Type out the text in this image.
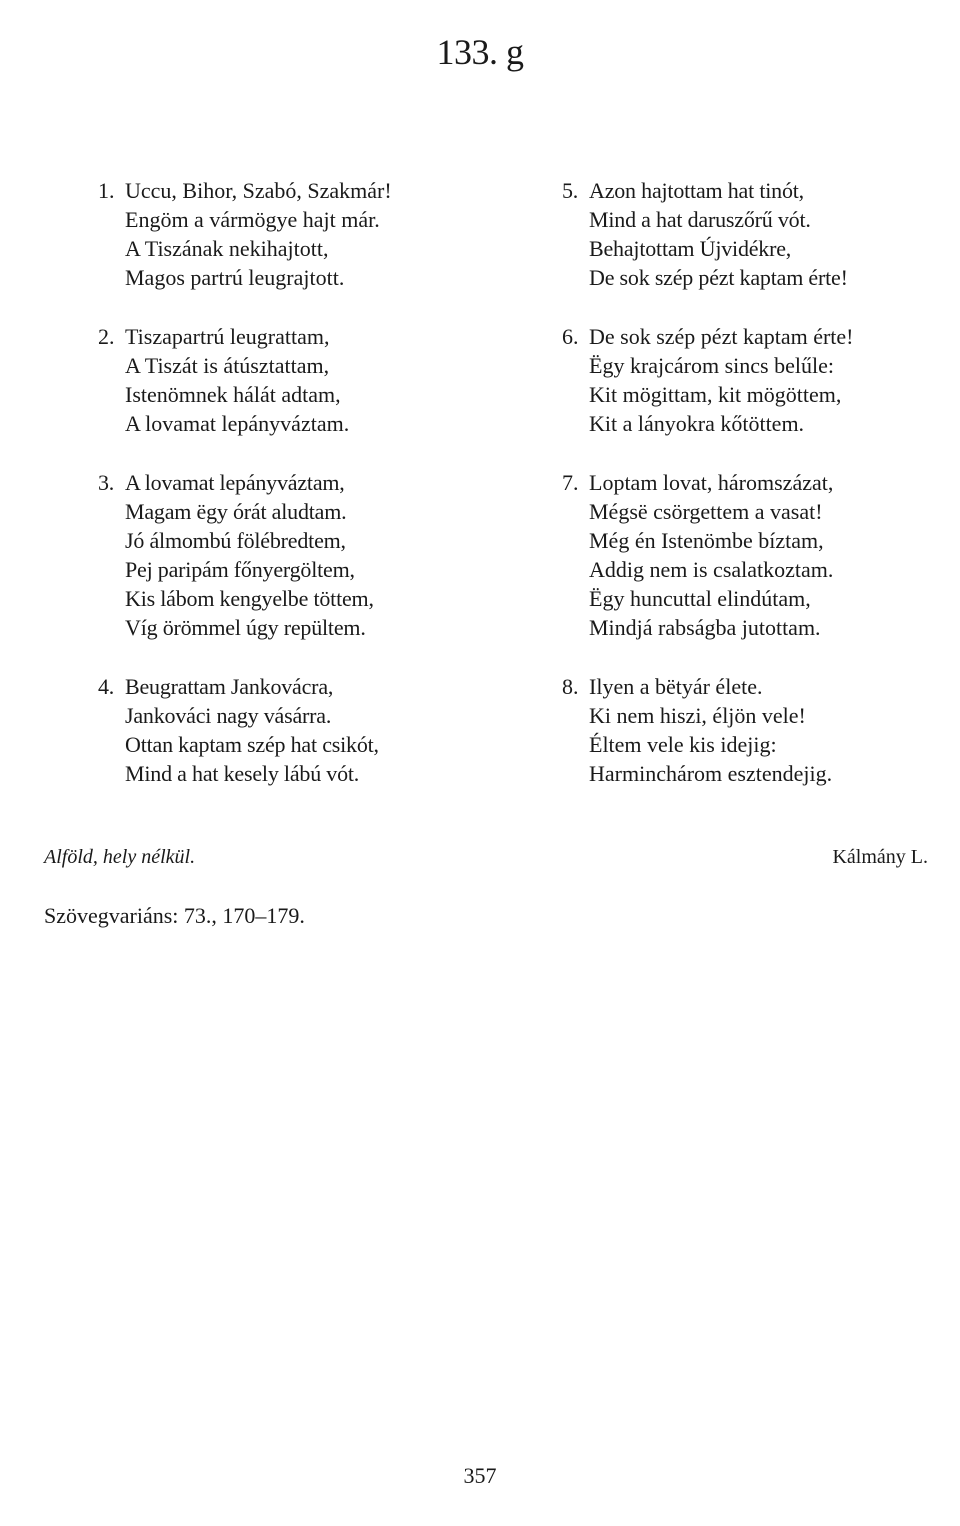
133. g
1. Uccu, Bihor, Szabó, Szakmár!
Engöm a vármögye hajt már.
A Tiszának nekihajtott,
Magos partrú leugrajtott.
2. Tiszapartrú leugrattam,
A Tiszát is átúsztattam,
Istenömnek hálát adtam,
A lovamat lepányváztam.
3. A lovamat lepányváztam,
Magam ëgy órát aludtam.
Jó álmombú fölébredtem,
Pej paripám főnyergöltem,
Kis lábom kengyelbe töttem,
Víg örömmel úgy repültem.
4. Beugrattam Jankovácra,
Jankováci nagy vásárra.
Ottan kaptam szép hat csikót,
Mind a hat kesely lábú vót.
5. Azon hajtottam hat tinót,
Mind a hat daruszőrű vót.
Behajtottam Újvidékre,
De sok szép pézt kaptam érte!
6. De sok szép pézt kaptam érte!
Ëgy krajcárom sincs belűle:
Kit mögittam, kit mögöttem,
Kit a lányokra kőtöttem.
7. Loptam lovat, háromszázat,
Mégsë csörgettem a vasat!
Még én Istenömbe bíztam,
Addig nem is csalatkoztam.
Ëgy huncuttal elindútam,
Mindjá rabságba jutottam.
8. Ilyen a bëtyár élete.
Ki nem hiszi, éljön vele!
Éltem vele kis idejig:
Harminchárom esztendejig.
Alföld, hely nélkül.	Kálmány L.
Szövegvariáns: 73., 170–179.
357
